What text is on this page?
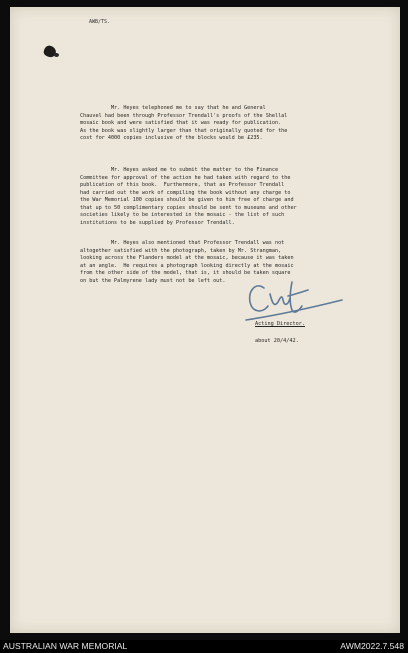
AWB/TS.
Mr. Heyes telephoned me to say that he and General
Chauvel had been through Professor Trendall's proofs of the Shellal
mosaic book and were satisfied that it was ready for publication.
As the book was slightly larger than that originally quoted for the
cost for 4000 copies inclusive of the blocks would be £235.
Mr. Heyes asked me to submit the matter to the Finance
Committee for approval of the action he had taken with regard to the
publication of this book.  Furthermore, that as Professor Trendall
had carried out the work of compiling the book without any charge to
the War Memorial 100 copies should be given to him free of charge and
that up to 50 complimentary copies should be sent to museums and other
societies likely to be interested in the mosaic - the list of such
institutions to be supplied by Professor Trendall.
Mr. Heyes also mentioned that Professor Trendall was not
altogether satisfied with the photograph, taken by Mr. Strangman,
looking across the Flanders model at the mosaic, because it was taken
at an angle.  He requires a photograph looking directly at the mosaic
from the other side of the model, that is, it should be taken square
on but the Palmyrene lady must not be left out.
Acting Director.
about 20/4/42.
AUSTRALIAN WAR MEMORIAL	AWM2022.7.548
